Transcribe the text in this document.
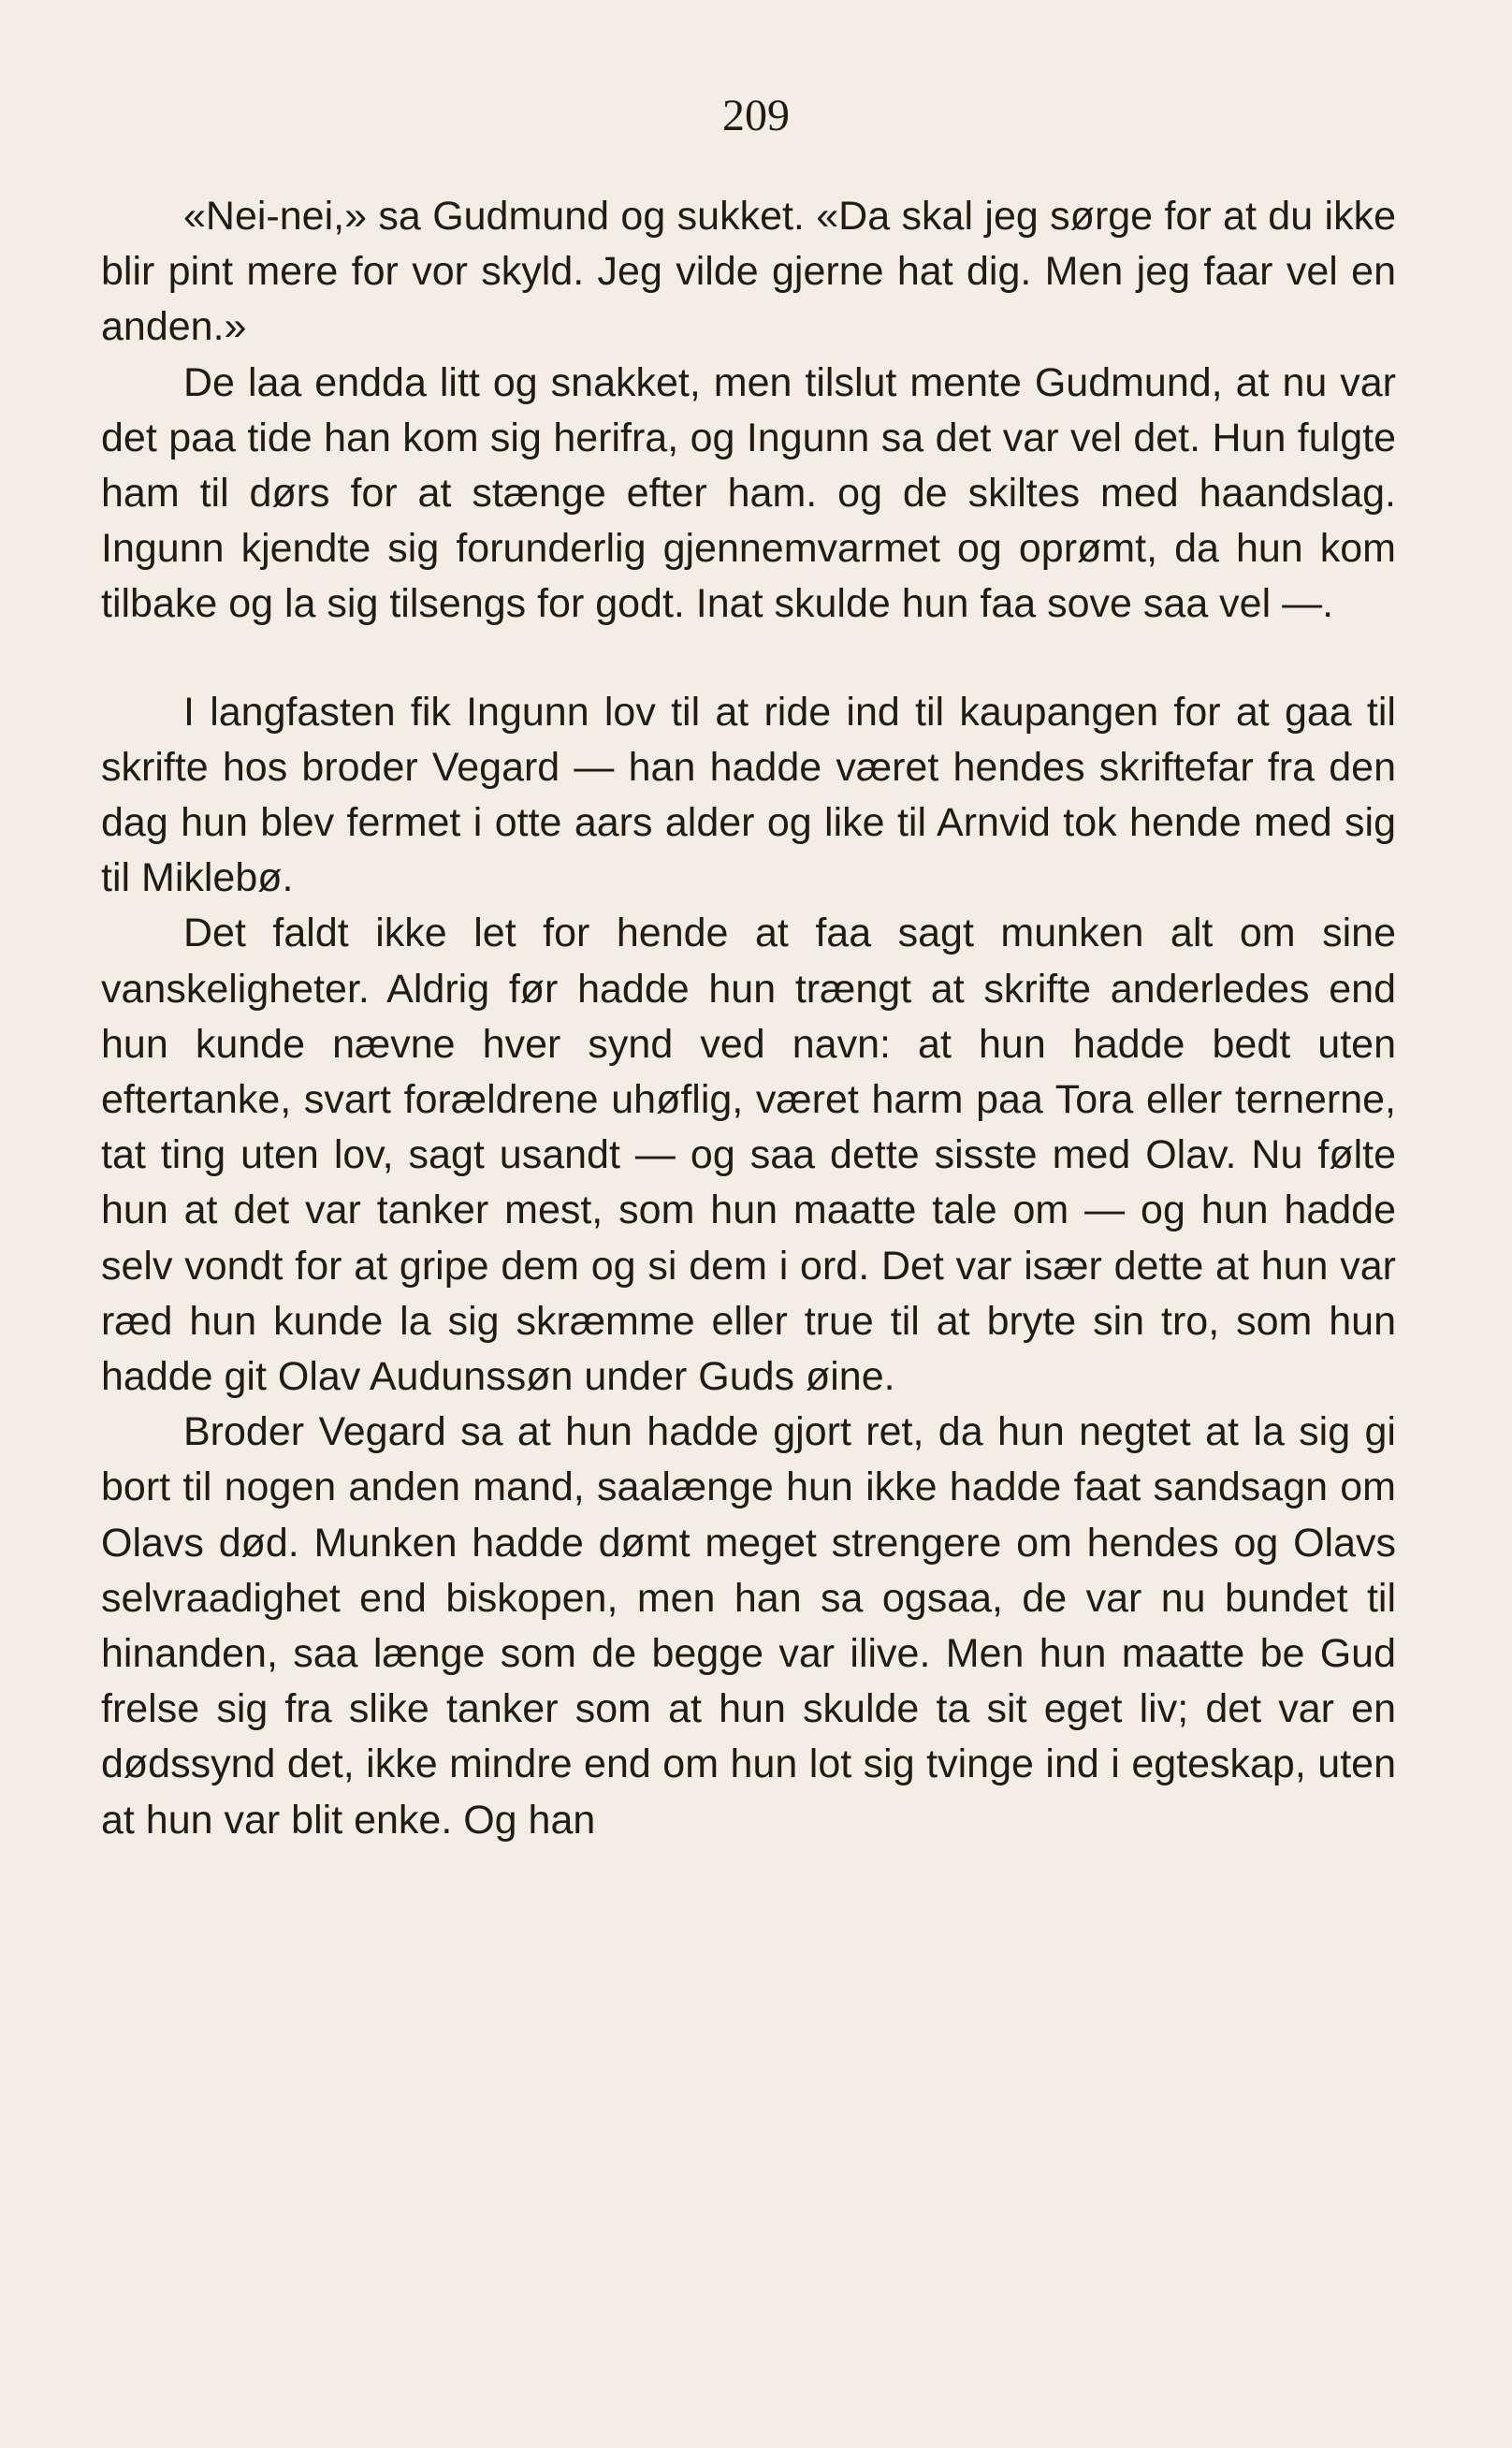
209

«Nei-nei,» sa Gudmund og sukket. «Da skal jeg sørge for at du ikke blir pint mere for vor skyld. Jeg vilde gjerne hat dig. Men jeg faar vel en anden.»

De laa endda litt og snakket, men tilslut mente Gudmund, at nu var det paa tide han kom sig herifra, og Ingunn sa det var vel det. Hun fulgte ham til dørs for at stænge efter ham. og de skiltes med haandslag. Ingunn kjendte sig forunderlig gjennemvarmet og oprømt, da hun kom tilbake og la sig tilsengs for godt. Inat skulde hun faa sove saa vel —.

I langfasten fik Ingunn lov til at ride ind til kaupangen for at gaa til skrifte hos broder Vegard — han hadde været hendes skriftefar fra den dag hun blev fermet i otte aars alder og like til Arnvid tok hende med sig til Miklebø.

Det faldt ikke let for hende at faa sagt munken alt om sine vanskeligheter. Aldrig før hadde hun trængt at skrifte anderledes end hun kunde nævne hver synd ved navn: at hun hadde bedt uten eftertanke, svart forældrene uhøflig, været harm paa Tora eller ternerne, tat ting uten lov, sagt usandt — og saa dette sisste med Olav. Nu følte hun at det var tanker mest, som hun maatte tale om — og hun hadde selv vondt for at gripe dem og si dem i ord. Det var især dette at hun var ræd hun kunde la sig skræmme eller true til at bryte sin tro, som hun hadde git Olav Audunssøn under Guds øine.

Broder Vegard sa at hun hadde gjort ret, da hun negtet at la sig gi bort til nogen anden mand, saalænge hun ikke hadde faat sandsagn om Olavs død. Munken hadde dømt meget strengere om hendes og Olavs selvraadighet end biskopen, men han sa ogsaa, de var nu bundet til hinanden, saa længe som de begge var ilive. Men hun maatte be Gud frelse sig fra slike tanker som at hun skulde ta sit eget liv; det var en dødssynd det, ikke mindre end om hun lot sig tvinge ind i egteskap, uten at hun var blit enke. Og han
